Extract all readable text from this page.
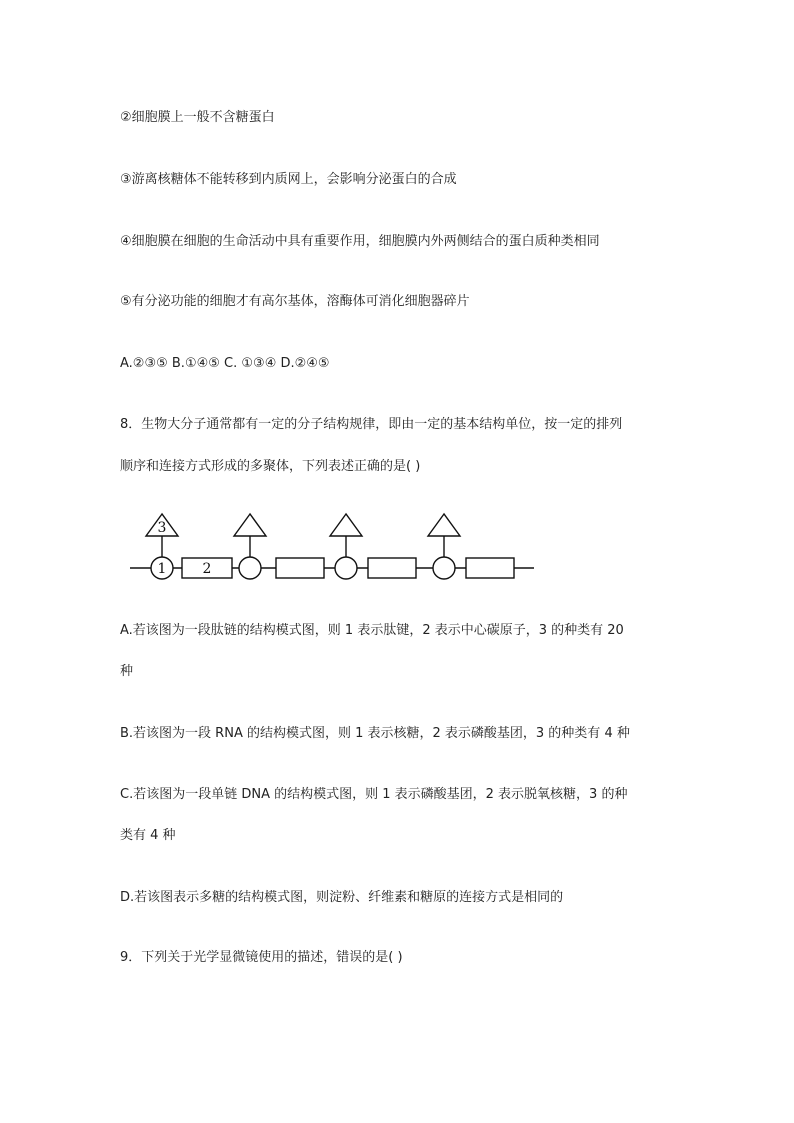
②细胞膜上一般不含糖蛋白

③游离核糖体不能转移到内质网上，会影响分泌蛋白的合成

④细胞膜在细胞的生命活动中具有重要作用，细胞膜内外两侧结合的蛋白质种类相同

⑤有分泌功能的细胞才有高尔基体，溶酶体可消化细胞器碎片

A.②③⑤ B.①④⑤ C. ①③④ D.②④⑤

8．生物大分子通常都有一定的分子结构规律，即由一定的基本结构单位，按一定的排列

顺序和连接方式形成的多聚体，下列表述正确的是( )

3
1	2

A.若该图为一段肽链的结构模式图，则 1 表示肽键，2 表示中心碳原子，3 的种类有 20

种

B.若该图为一段 RNA 的结构模式图，则 1 表示核糖，2 表示磷酸基团，3 的种类有 4 种

C.若该图为一段单链 DNA 的结构模式图，则 1 表示磷酸基团，2 表示脱氧核糖，3 的种

类有 4 种

D.若该图表示多糖的结构模式图，则淀粉、纤维素和糖原的连接方式是相同的

9．下列关于光学显微镜使用的描述，错误的是( )
